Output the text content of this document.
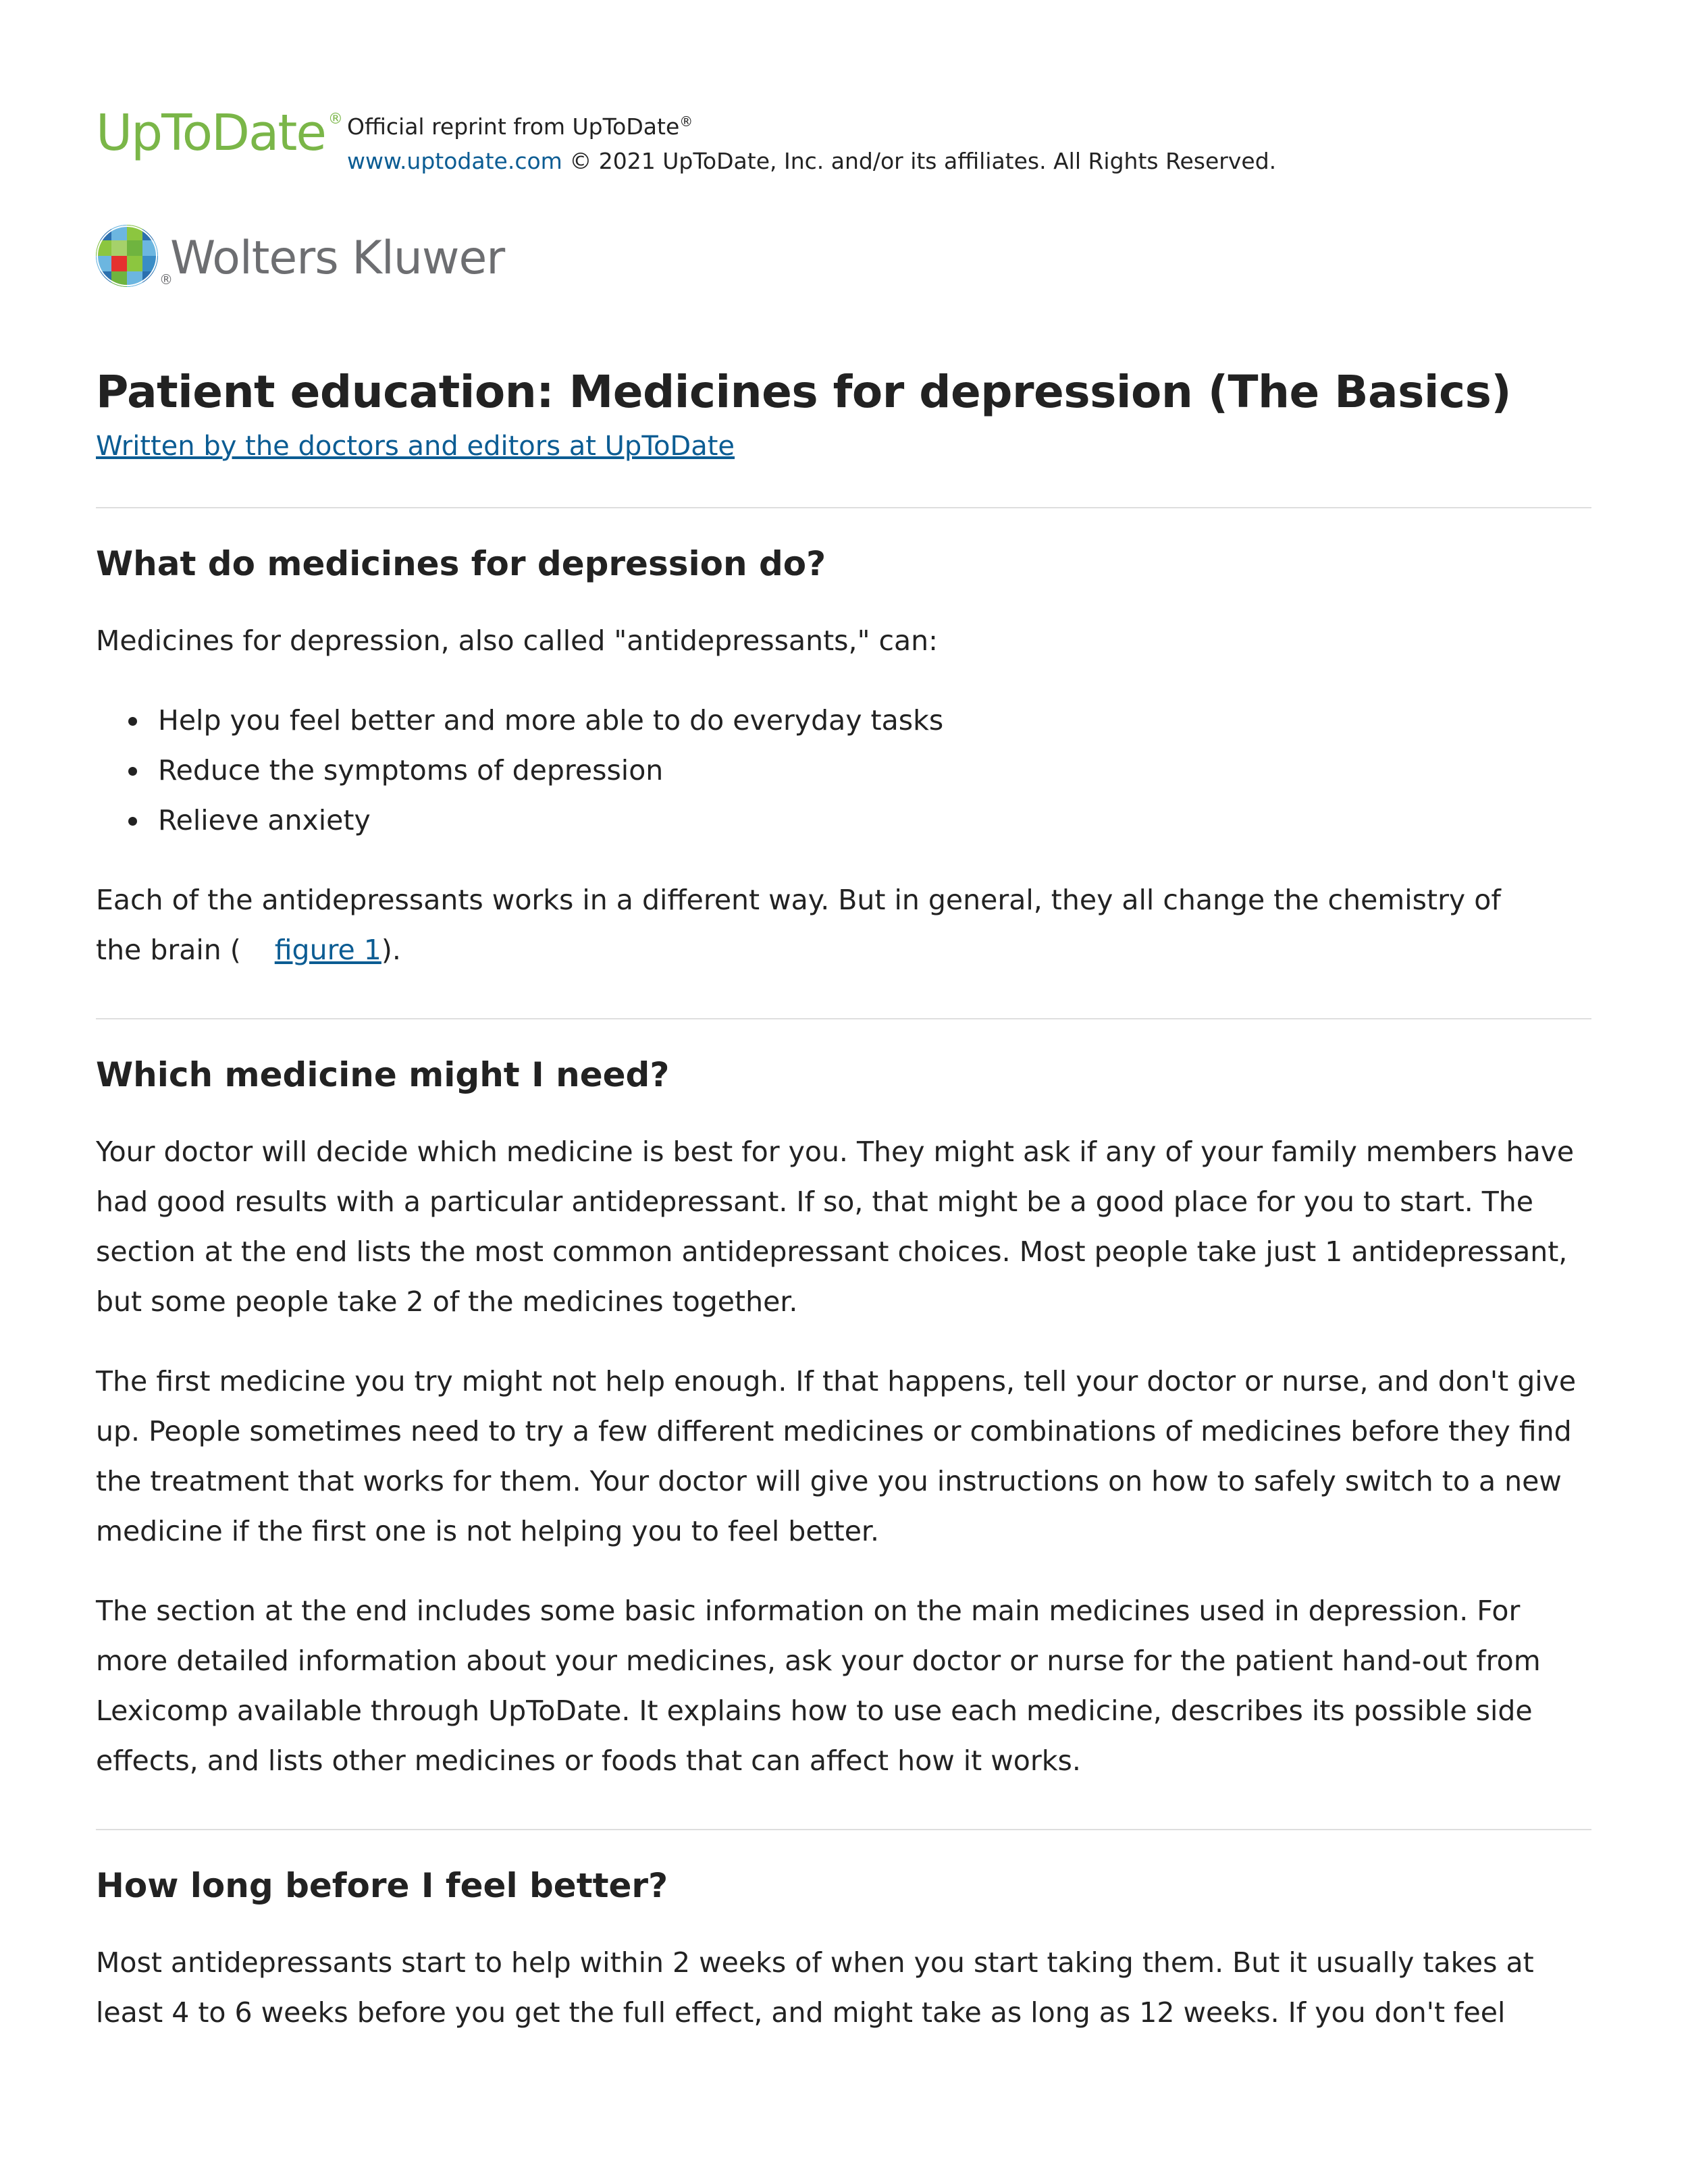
UpToDate ® Official reprint from UpToDate®
www.uptodate.com © 2021 UpToDate, Inc. and/or its affiliates. All Rights Reserved.
®
Wolters Kluwer
Patient education: Medicines for depression (The Basics)
Written by the doctors and editors at UpToDate
What do medicines for depression do?

Medicines for depression, also called "antidepressants," can:

Help you feel better and more able to do everyday tasks
Reduce the symptoms of depression
Relieve anxiety

Each of the antidepressants works in a different way. But in general, they all change the chemistry of
the brain ( figure 1).

Which medicine might I need?

Your doctor will decide which medicine is best for you. They might ask if any of your family members have had good results with a particular antidepressant. If so, that might be a good place for you to start. The section at the end lists the most common antidepressant choices. Most people take just 1 antidepressant, but some people take 2 of the medicines together.

The first medicine you try might not help enough. If that happens, tell your doctor or nurse, and don't give up. People sometimes need to try a few different medicines or combinations of medicines before they find the treatment that works for them. Your doctor will give you instructions on how to safely switch to a new medicine if the first one is not helping you to feel better.

The section at the end includes some basic information on the main medicines used in depression. For more detailed information about your medicines, ask your doctor or nurse for the patient hand-out from Lexicomp available through UpToDate. It explains how to use each medicine, describes its possible side effects, and lists other medicines or foods that can affect how it works.

How long before I feel better?

Most antidepressants start to help within 2 weeks of when you start taking them. But it usually takes at least 4 to 6 weeks before you get the full effect, and might take as long as 12 weeks. If you don't feel
